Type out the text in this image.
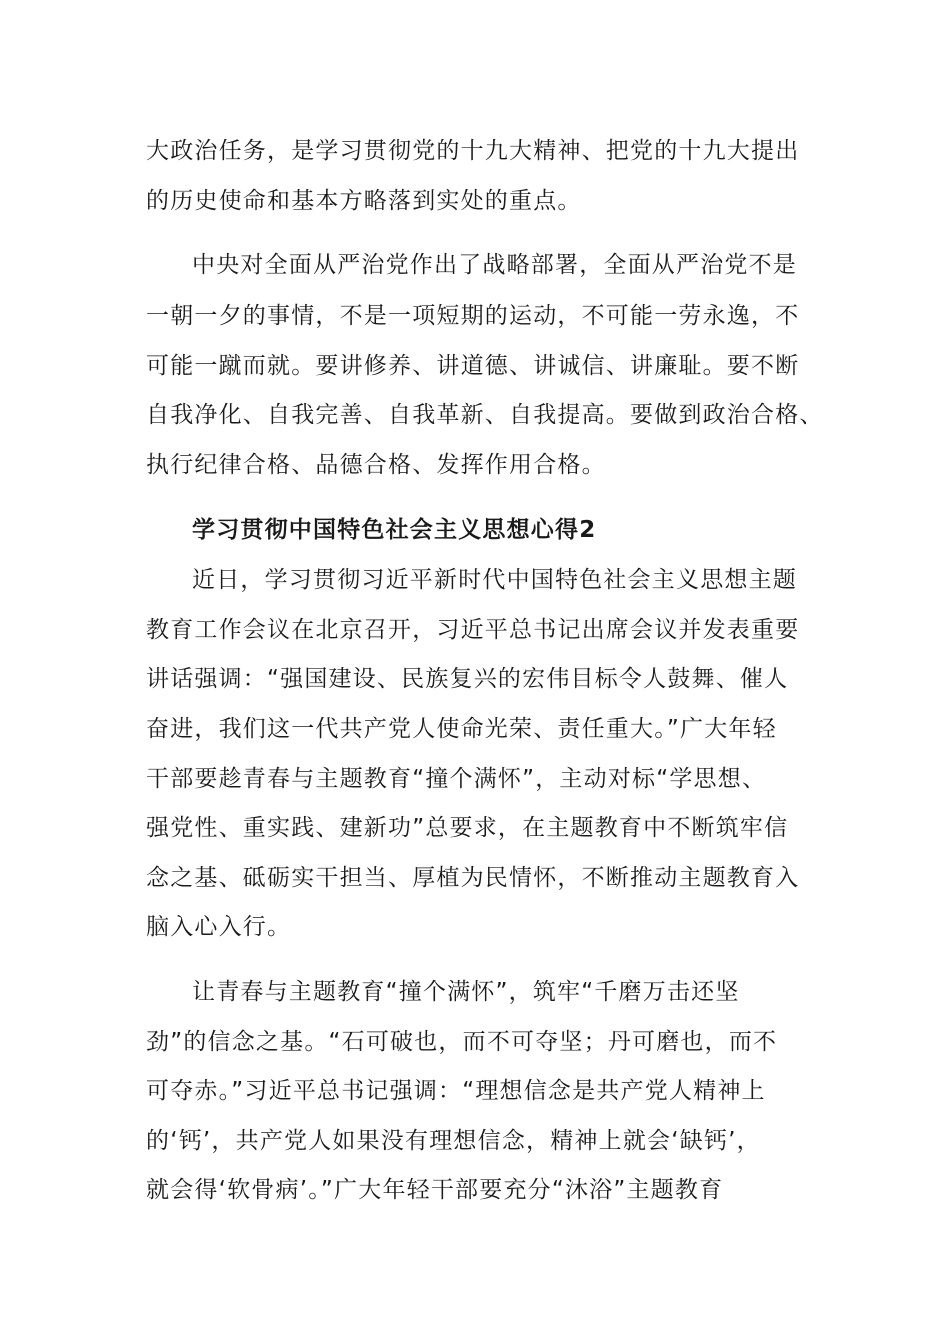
大政治任务，是学习贯彻党的十九大精神、把党的十九大提出
的历史使命和基本方略落到实处的重点。
中央对全面从严治党作出了战略部署，全面从严治党不是
一朝一夕的事情，不是一项短期的运动，不可能一劳永逸，不
可能一蹴而就。要讲修养、讲道德、讲诚信、讲廉耻。要不断
自我净化、自我完善、自我革新、自我提高。要做到政治合格、
执行纪律合格、品德合格、发挥作用合格。
学习贯彻中国特色社会主义思想心得2
近日，学习贯彻习近平新时代中国特色社会主义思想主题
教育工作会议在北京召开，习近平总书记出席会议并发表重要
讲话强调：“强国建设、民族复兴的宏伟目标令人鼓舞、催人
奋进，我们这一代共产党人使命光荣、责任重大。”广大年轻
干部要趁青春与主题教育“撞个满怀”，主动对标“学思想、
强党性、重实践、建新功”总要求，在主题教育中不断筑牢信
念之基、砥砺实干担当、厚植为民情怀，不断推动主题教育入
脑入心入行。
让青春与主题教育“撞个满怀”，筑牢“千磨万击还坚
劲”的信念之基。“石可破也，而不可夺坚；丹可磨也，而不
可夺赤。”习近平总书记强调：“理想信念是共产党人精神上
的‘钙’，共产党人如果没有理想信念，精神上就会‘缺钙’，
就会得‘软骨病’。”广大年轻干部要充分“沐浴”主题教育
